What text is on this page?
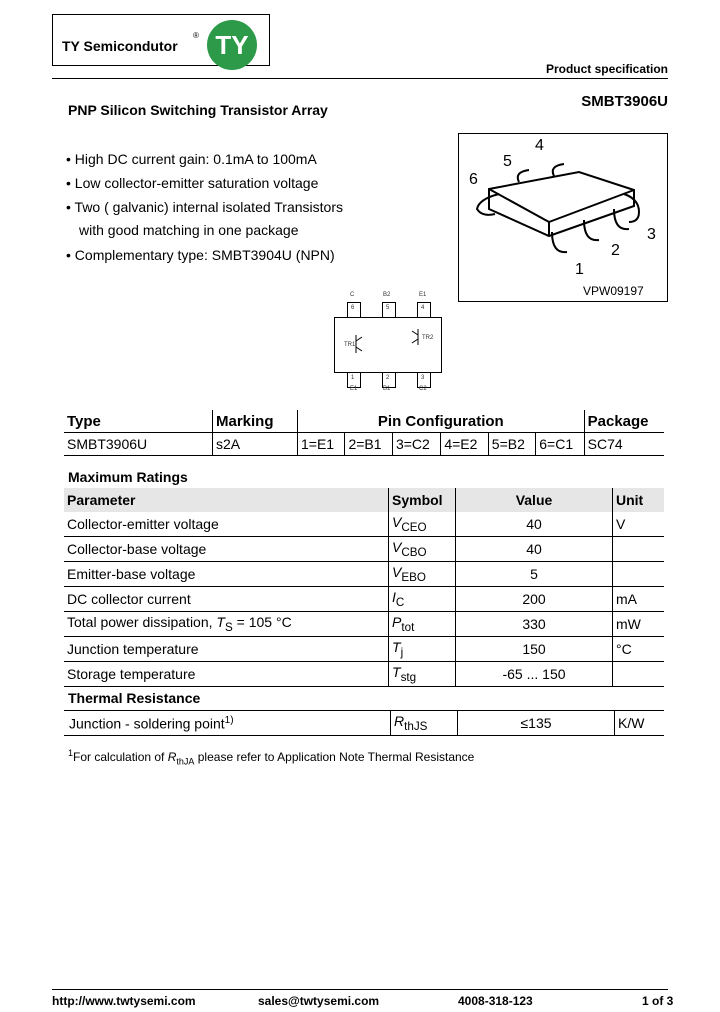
TY Semicondutor
® TY
Product specification
SMBT3906U
PNP Silicon Switching Transistor Array
• High DC current gain: 0.1mA to 100mA
• Low collector-emitter saturation voltage
• Two ( galvanic) internal isolated Transistors
with good matching in one package
• Complementary type: SMBT3904U (NPN)
1
2
3
4
5
6
VPW09197
C	B2	E1
6	5	4
TR1
TR2
1	2	3
E1	B1	C2
Type	Marking	Pin Configuration						Package
SMBT3906U	s2A	1=E1	2=B1	3=C2	4=E2	5=B2	6=C1	SC74
Maximum Ratings
Parameter	Symbol	Value	Unit
Collector-emitter voltage	$V_{CEO}$	40	V
Collector-base voltage	$V_{CBO}$	40	
Emitter-base voltage	$V_{EBO}$	5	
DC collector current	$I_C$	200	mA
Total power dissipation, $T_S = 105$ °C	$P_{tot}$	330	mW
Junction temperature	$T_j$	150	°C
Storage temperature	$T_{stg}$	-65 ... 150	
Thermal Resistance
Junction - soldering point$^{1)}$	$R_{thJS}$	≤135	K/W
$^1$For calculation of $R_{thJA}$ please refer to Application Note Thermal Resistance
http://www.twtysemi.com	sales@twtysemi.com	4008-318-123	1 of 3
